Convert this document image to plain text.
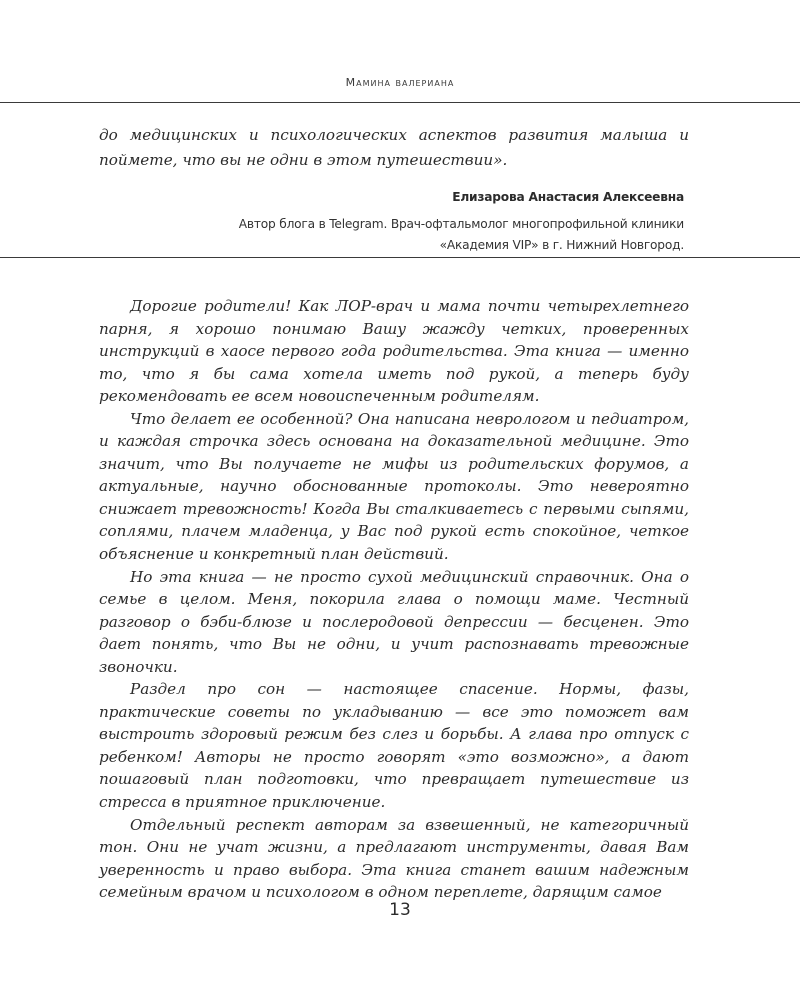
Мамина валериана

до медицинских и психологических аспектов развития малыша и поймете, что вы не одни в этом путешествии».

Елизарова Анастасия Алексеевна
Автор блога в Telegram. Врач-офтальмолог многопрофильной клиники
«Академия VIP» в г. Нижний Новгород.

Дорогие родители! Как ЛОР-врач и мама почти четырехлетнего парня, я хорошо понимаю Вашу жажду четких, проверенных инструкций в хаосе первого года родительства. Эта книга — именно то, что я бы сама хотела иметь под рукой, а теперь буду рекомендовать ее всем новоиспеченным родителям.

Что делает ее особенной? Она написана неврологом и педиатром, и каждая строчка здесь основана на доказательной медицине. Это значит, что Вы получаете не мифы из родительских форумов, а актуальные, научно обоснованные протоколы. Это невероятно снижает тревожность! Когда Вы сталкиваетесь с первыми сыпями, соплями, плачем младенца, у Вас под рукой есть спокойное, четкое объяснение и конкретный план действий.

Но эта книга — не просто сухой медицинский справочник. Она о семье в целом. Меня, покорила глава о помощи маме. Честный разговор о бэби-блюзе и послеродовой депрессии — бесценен. Это дает понять, что Вы не одни, и учит распознавать тревожные звоночки.

Раздел про сон — настоящее спасение. Нормы, фазы, практические советы по укладыванию — все это поможет вам выстроить здоровый режим без слез и борьбы. А глава про отпуск с ребенком! Авторы не просто говорят «это возможно», а дают пошаговый план подготовки, что превращает путешествие из стресса в приятное приключение.

Отдельный респект авторам за взвешенный, не категоричный тон. Они не учат жизни, а предлагают инструменты, давая Вам уверенность и право выбора. Эта книга станет вашим надежным семейным врачом и психологом в одном переплете, дарящим самое

13
